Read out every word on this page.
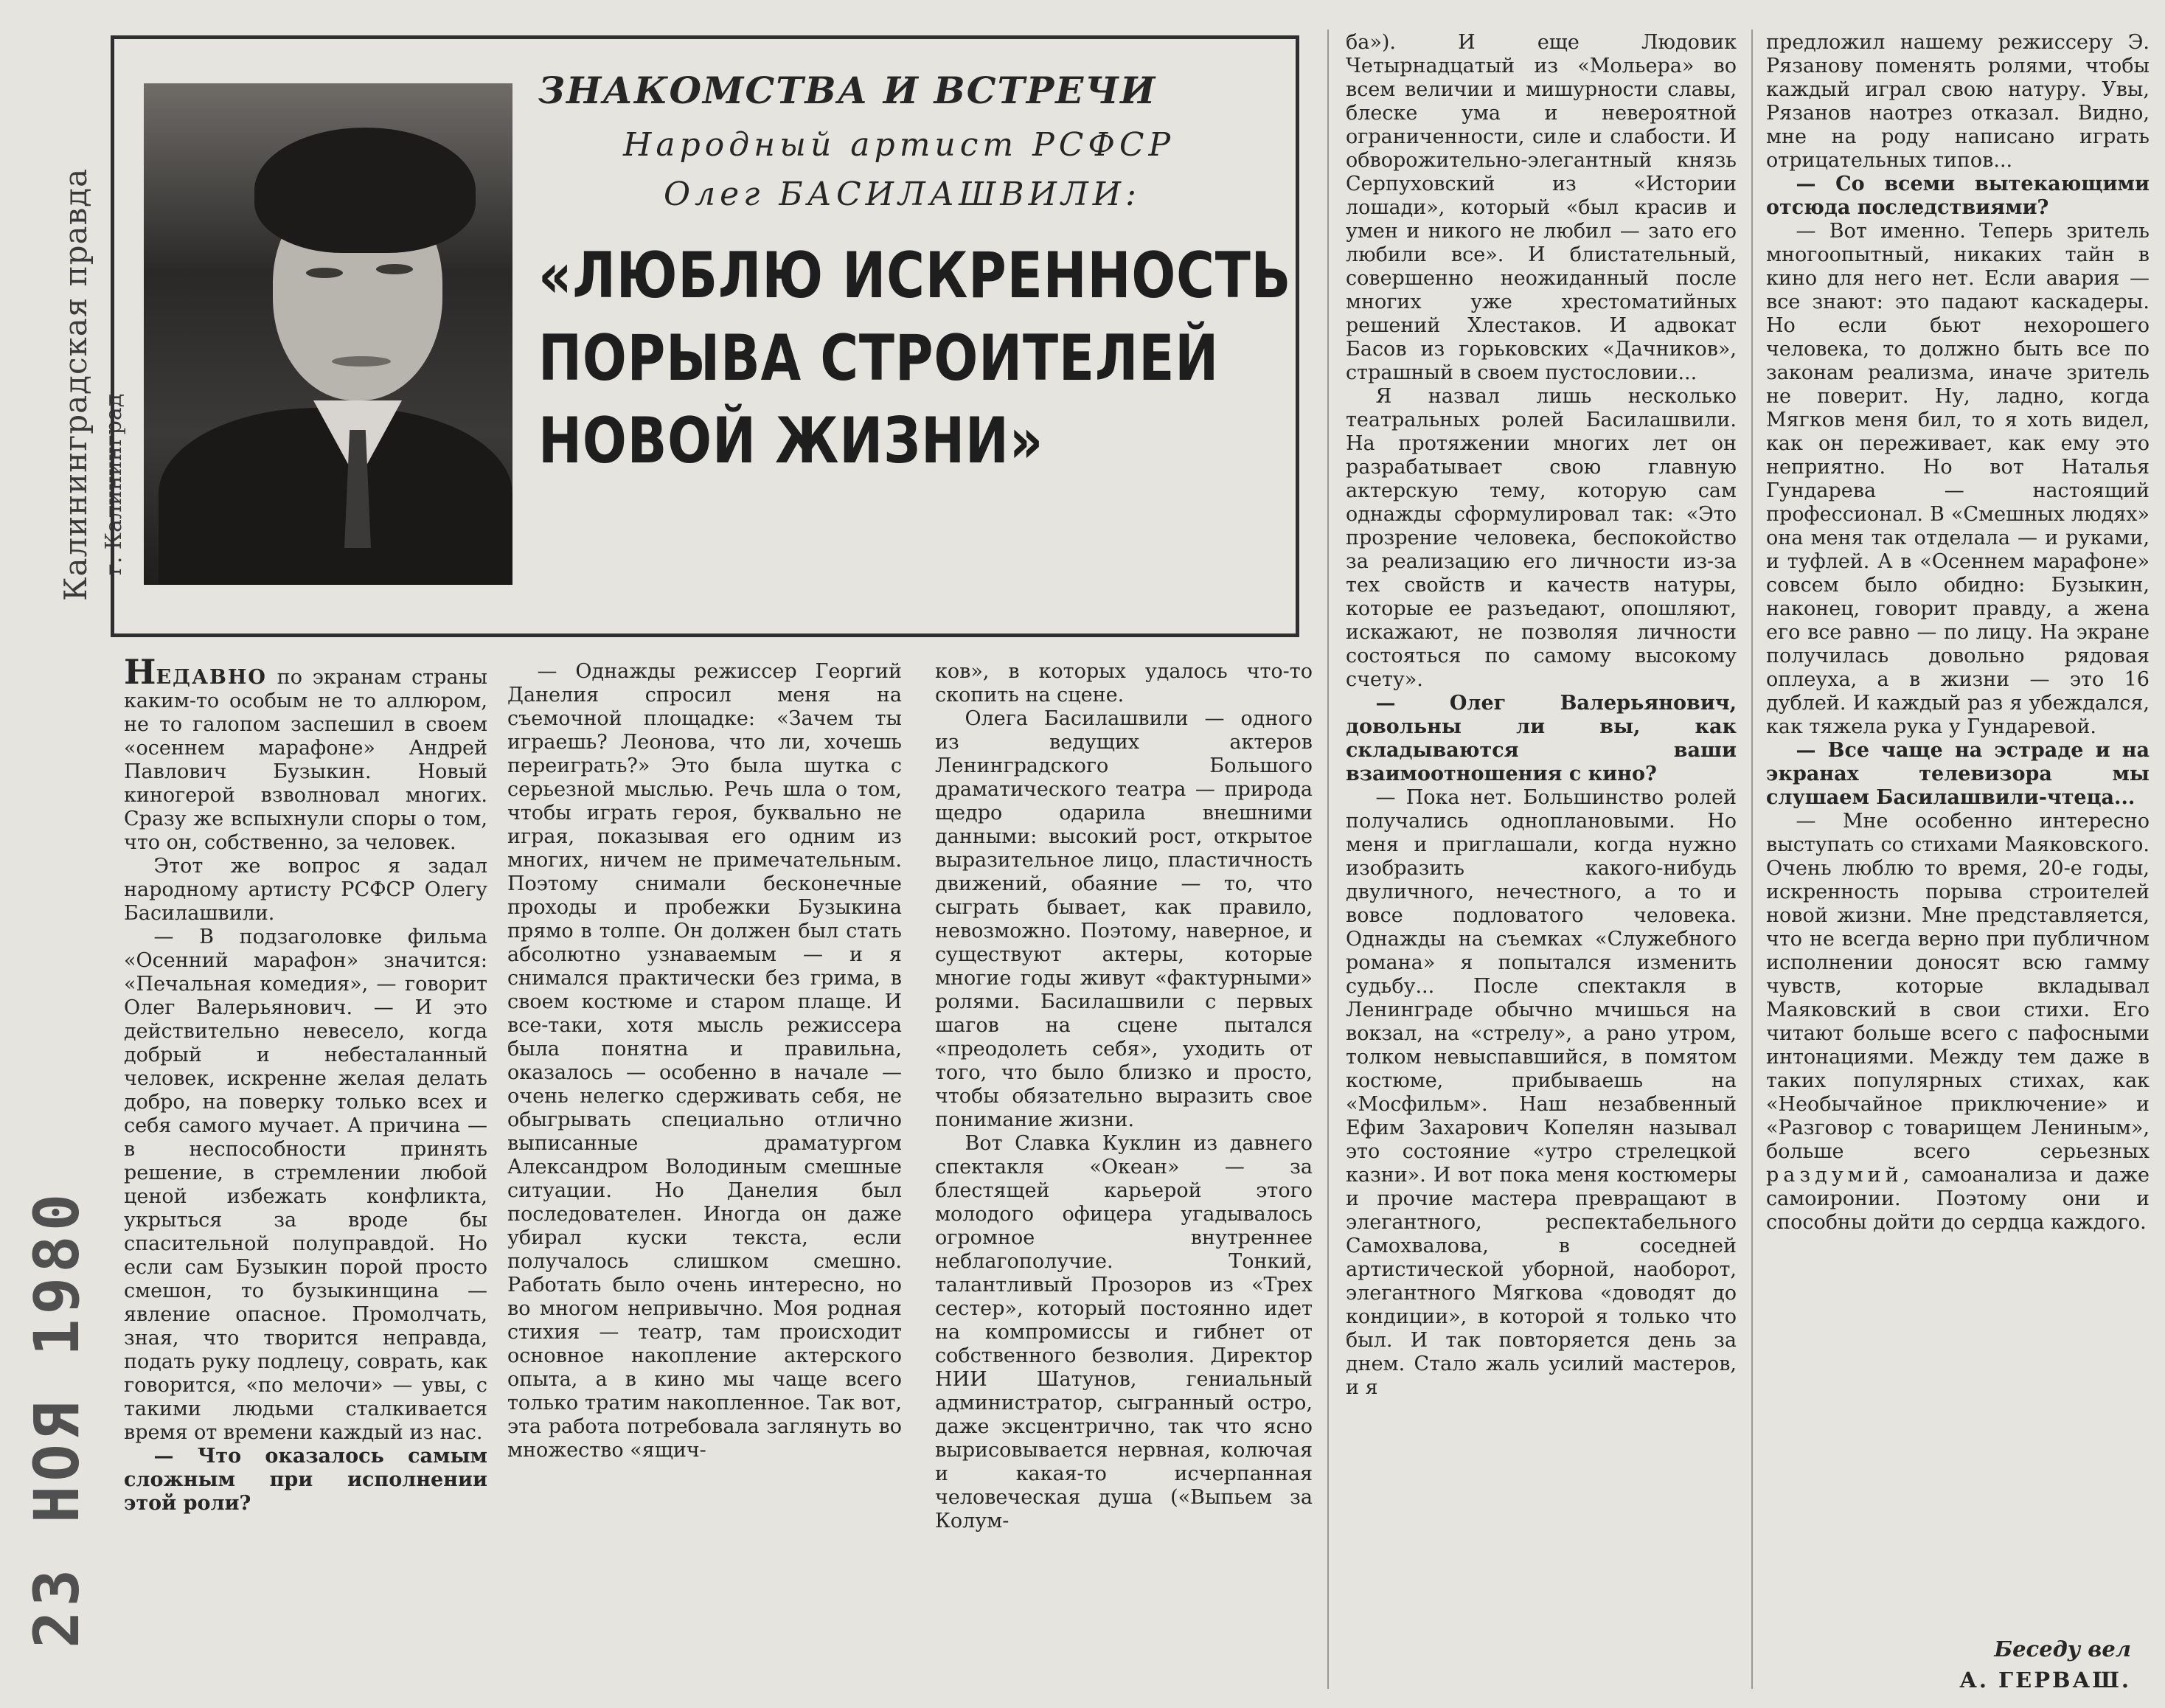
Калининградская правда г. Калининград
23 НОЯ 1980
ЗНАКОМСТВА И ВСТРЕЧИ
Народный артист РСФСР
Олег БАСИЛАШВИЛИ:
«ЛЮБЛЮ ИСКРЕННОСТЬ
ПОРЫВА СТРОИТЕЛЕЙ
НОВОЙ ЖИЗНИ»

НЕДАВНО по экранам страны каким-то особым не то аллюром, не то галопом заспешил в своем «осеннем марафоне» Андрей Павлович Бузыкин. Новый киногерой взволновал многих. Сразу же вспыхнули споры о том, что он, собственно, за человек.

Этот же вопрос я задал народному артисту РСФСР Олегу Басилашвили.

— В подзаголовке фильма «Осенний марафон» значится: «Печальная комедия», — говорит Олег Валерьянович. — И это действительно невесело, когда добрый и небесталанный человек, искренне желая делать добро, на поверку только всех и себя самого мучает. А причина — в неспособности принять решение, в стремлении любой ценой избежать конфликта, укрыться за вроде бы спасительной полуправдой. Но если сам Бузыкин порой просто смешон, то бузыкинщина — явление опасное. Промолчать, зная, что творится неправда, подать руку подлецу, соврать, как говорится, «по мелочи» — увы, с такими людьми сталкивается время от времени каждый из нас.

— Что оказалось самым сложным при исполнении этой роли?

— Однажды режиссер Георгий Данелия спросил меня на съемочной площадке: «Зачем ты играешь? Леонова, что ли, хочешь переиграть?» Это была шутка с серьезной мыслью. Речь шла о том, чтобы играть героя, буквально не играя, показывая его одним из многих, ничем не примечательным. Поэтому снимали бесконечные проходы и пробежки Бузыкина прямо в толпе. Он должен был стать абсолютно узнаваемым — и я снимался практически без грима, в своем костюме и старом плаще. И все-таки, хотя мысль режиссера была понятна и правильна, оказалось — особенно в начале — очень нелегко сдерживать себя, не обыгрывать специально отлично выписанные драматургом Александром Володиным смешные ситуации. Но Данелия был последователен. Иногда он даже убирал куски текста, если получалось слишком смешно. Работать было очень интересно, но во многом непривычно. Моя родная стихия — театр, там происходит основное накопление актерского опыта, а в кино мы чаще всего только тратим накопленное. Так вот, эта работа потребовала заглянуть во множество «ящич-

ков», в которых удалось что-то скопить на сцене.

Олега Басилашвили — одного из ведущих актеров Ленинградского Большого драматического театра — природа щедро одарила внешними данными: высокий рост, открытое выразительное лицо, пластичность движений, обаяние — то, что сыграть бывает, как правило, невозможно. Поэтому, наверное, и существуют актеры, которые многие годы живут «фактурными» ролями. Басилашвили с первых шагов на сцене пытался «преодолеть себя», уходить от того, что было близко и просто, чтобы обязательно выразить свое понимание жизни.

Вот Славка Куклин из давнего спектакля «Океан» — за блестящей карьерой этого молодого офицера угадывалось огромное внутреннее неблагополучие. Тонкий, талантливый Прозоров из «Трех сестер», который постоянно идет на компромиссы и гибнет от собственного безволия. Директор НИИ Шатунов, гениальный администратор, сыгранный остро, даже эксцентрично, так что ясно вырисовывается нервная, колючая и какая-то исчерпанная человеческая душа («Выпьем за Колум-

ба»). И еще Людовик Четырнадцатый из «Мольера» во всем величии и мишурности славы, блеске ума и невероятной ограниченности, силе и слабости. И обворожительно-элегантный князь Серпуховский из «Истории лошади», который «был красив и умен и никого не любил — зато его любили все». И блистательный, совершенно неожиданный после многих уже хрестоматийных решений Хлестаков. И адвокат Басов из горьковских «Дачников», страшный в своем пустословии...

Я назвал лишь несколько театральных ролей Басилашвили. На протяжении многих лет он разрабатывает свою главную актерскую тему, которую сам однажды сформулировал так: «Это прозрение человека, беспокойство за реализацию его личности из-за тех свойств и качеств натуры, которые ее разъедают, опошляют, искажают, не позволяя личности состояться по самому высокому счету».

— Олег Валерьянович, довольны ли вы, как складываются ваши взаимоотношения с кино?

— Пока нет. Большинство ролей получались одноплановыми. Но меня и приглашали, когда нужно изобразить какого-нибудь двуличного, нечестного, а то и вовсе подловатого человека. Однажды на съемках «Служебного романа» я попытался изменить судьбу... После спектакля в Ленинграде обычно мчишься на вокзал, на «стрелу», а рано утром, толком невыспавшийся, в помятом костюме, прибываешь на «Мосфильм». Наш незабвенный Ефим Захарович Копелян называл это состояние «утро стрелецкой казни». И вот пока меня костюмеры и прочие мастера превращают в элегантного, респектабельного Самохвалова, в соседней артистической уборной, наоборот, элегантного Мягкова «доводят до кондиции», в которой я только что был. И так повторяется день за днем. Стало жаль усилий мастеров, и я

предложил нашему режиссеру Э. Рязанову поменять ролями, чтобы каждый играл свою натуру. Увы, Рязанов наотрез отказал. Видно, мне на роду написано играть отрицательных типов...

— Со всеми вытекающими отсюда последствиями?

— Вот именно. Теперь зритель многоопытный, никаких тайн в кино для него нет. Если авария — все знают: это падают каскадеры. Но если бьют нехорошего человека, то должно быть все по законам реализма, иначе зритель не поверит. Ну, ладно, когда Мягков меня бил, то я хоть видел, как он переживает, как ему это неприятно. Но вот Наталья Гундарева — настоящий профессионал. В «Смешных людях» она меня так отделала — и руками, и туфлей. А в «Осеннем марафоне» совсем было обидно: Бузыкин, наконец, говорит правду, а жена его все равно — по лицу. На экране получилась довольно рядовая оплеуха, а в жизни — это 16 дублей. И каждый раз я убеждался, как тяжела рука у Гундаревой.

— Все чаще на эстраде и на экранах телевизора мы слушаем Басилашвили-чтеца...

— Мне особенно интересно выступать со стихами Маяковского. Очень люблю то время, 20-е годы, искренность порыва строителей новой жизни. Мне представляется, что не всегда верно при публичном исполнении доносят всю гамму чувств, которые вкладывал Маяковский в свои стихи. Его читают больше всего с пафосными интонациями. Между тем даже в таких популярных стихах, как «Необычайное приключение» и «Разговор с товарищем Лениным», больше всего серьезных раздумий, самоанализа и даже самоиронии. Поэтому они и способны дойти до сердца каждого.

Беседу вел
А. ГЕРВАШ.
